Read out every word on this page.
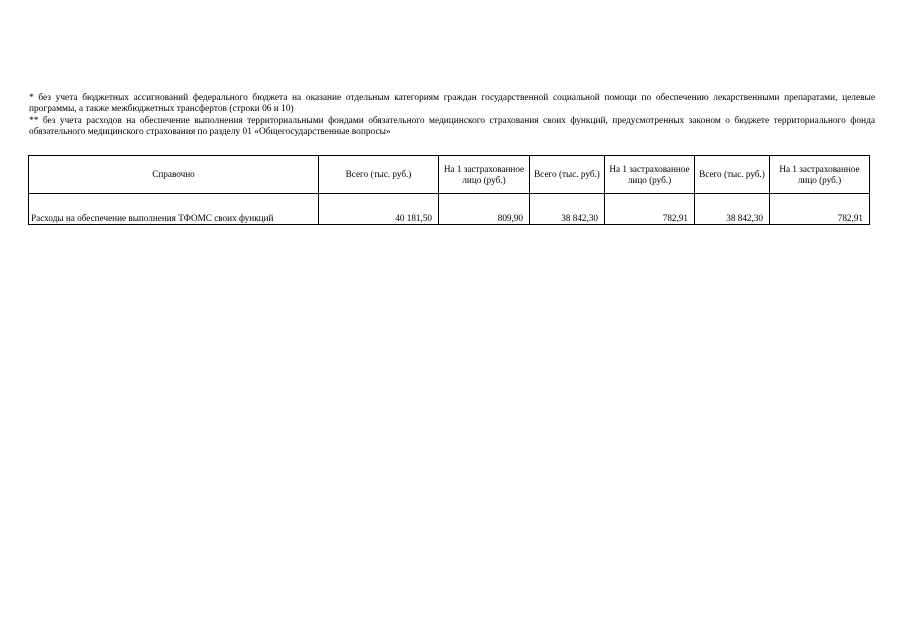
* без учета бюджетных ассигнований федерального бюджета на оказание отдельным категориям граждан государственной социальной помощи по обеспечению лекарственными препаратами, целевые программы, а также межбюджетных трансфертов (строки 06 и 10)

** без учета расходов на обеспечение выполнения территориальными фондами обязательного медицинского страхования своих функций, предусмотренных законом о бюджете территориального фонда обязательного медицинского страхования по разделу 01 «Общегосударственные вопросы»

Справочно	Всего (тыс. руб.)	На 1 застрахованное лицо (руб.)	Всего (тыс. руб.)	На 1 застрахованное лицо (руб.)	Всего (тыс. руб.)	На 1 застрахованное лицо (руб.)
Расходы на обеспечение выполнения ТФОМС своих функций	40 181,50	809,90	38 842,30	782,91	38 842,30	782,91
